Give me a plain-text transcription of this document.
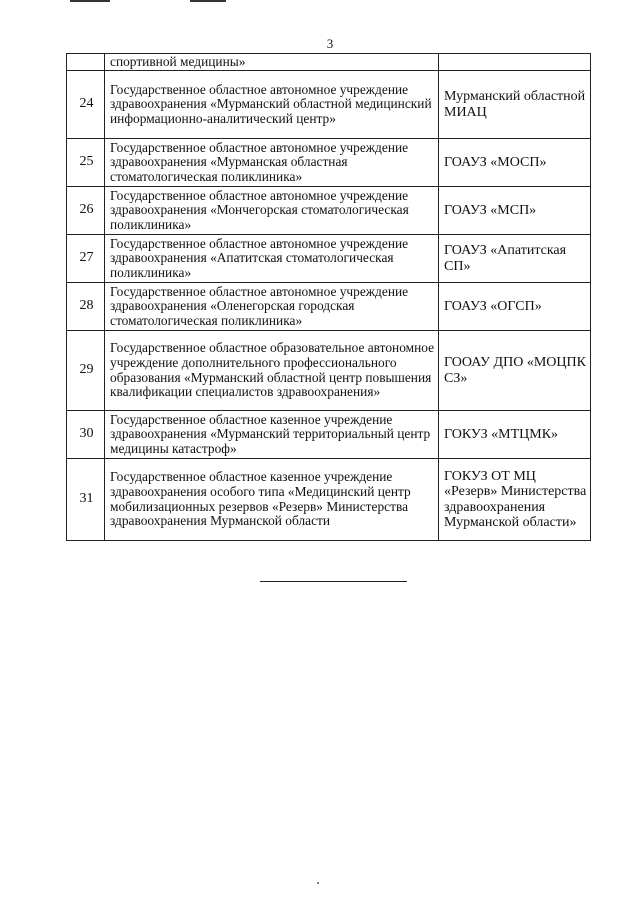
3
	спортивной медицины»	
24	Государственное областное автономное учреждение здравоохранения «Мурманский областной медицинский информационно-аналитический центр»	Мурманский областной МИАЦ
25	Государственное областное автономное учреждение здравоохранения «Мурманская областная стоматологическая поликлиника»	ГОАУЗ «МОСП»
26	Государственное областное автономное учреждение здравоохранения «Мончегорская стоматологическая поликлиника»	ГОАУЗ «МСП»
27	Государственное областное автономное учреждение здравоохранения «Апатитская стоматологическая поликлиника»	ГОАУЗ «Апатитская СП»
28	Государственное областное автономное учреждение здравоохранения «Оленегорская городская стоматологическая поликлиника»	ГОАУЗ «ОГСП»
29	Государственное областное образовательное автономное учреждение дополнительного профессионального образования «Мурманский областной центр повышения квалификации специалистов здравоохранения»	ГООАУ ДПО «МОЦПК СЗ»
30	Государственное областное казенное учреждение здравоохранения «Мурманский территориальный центр медицины катастроф»	ГОКУЗ «МТЦМК»
31	Государственное областное казенное учреждение здравоохранения особого типа «Медицинский центр мобилизационных резервов «Резерв» Министерства здравоохранения Мурманской области	ГОКУЗ ОТ МЦ «Резерв» Министерства здравоохранения Мурманской области»
